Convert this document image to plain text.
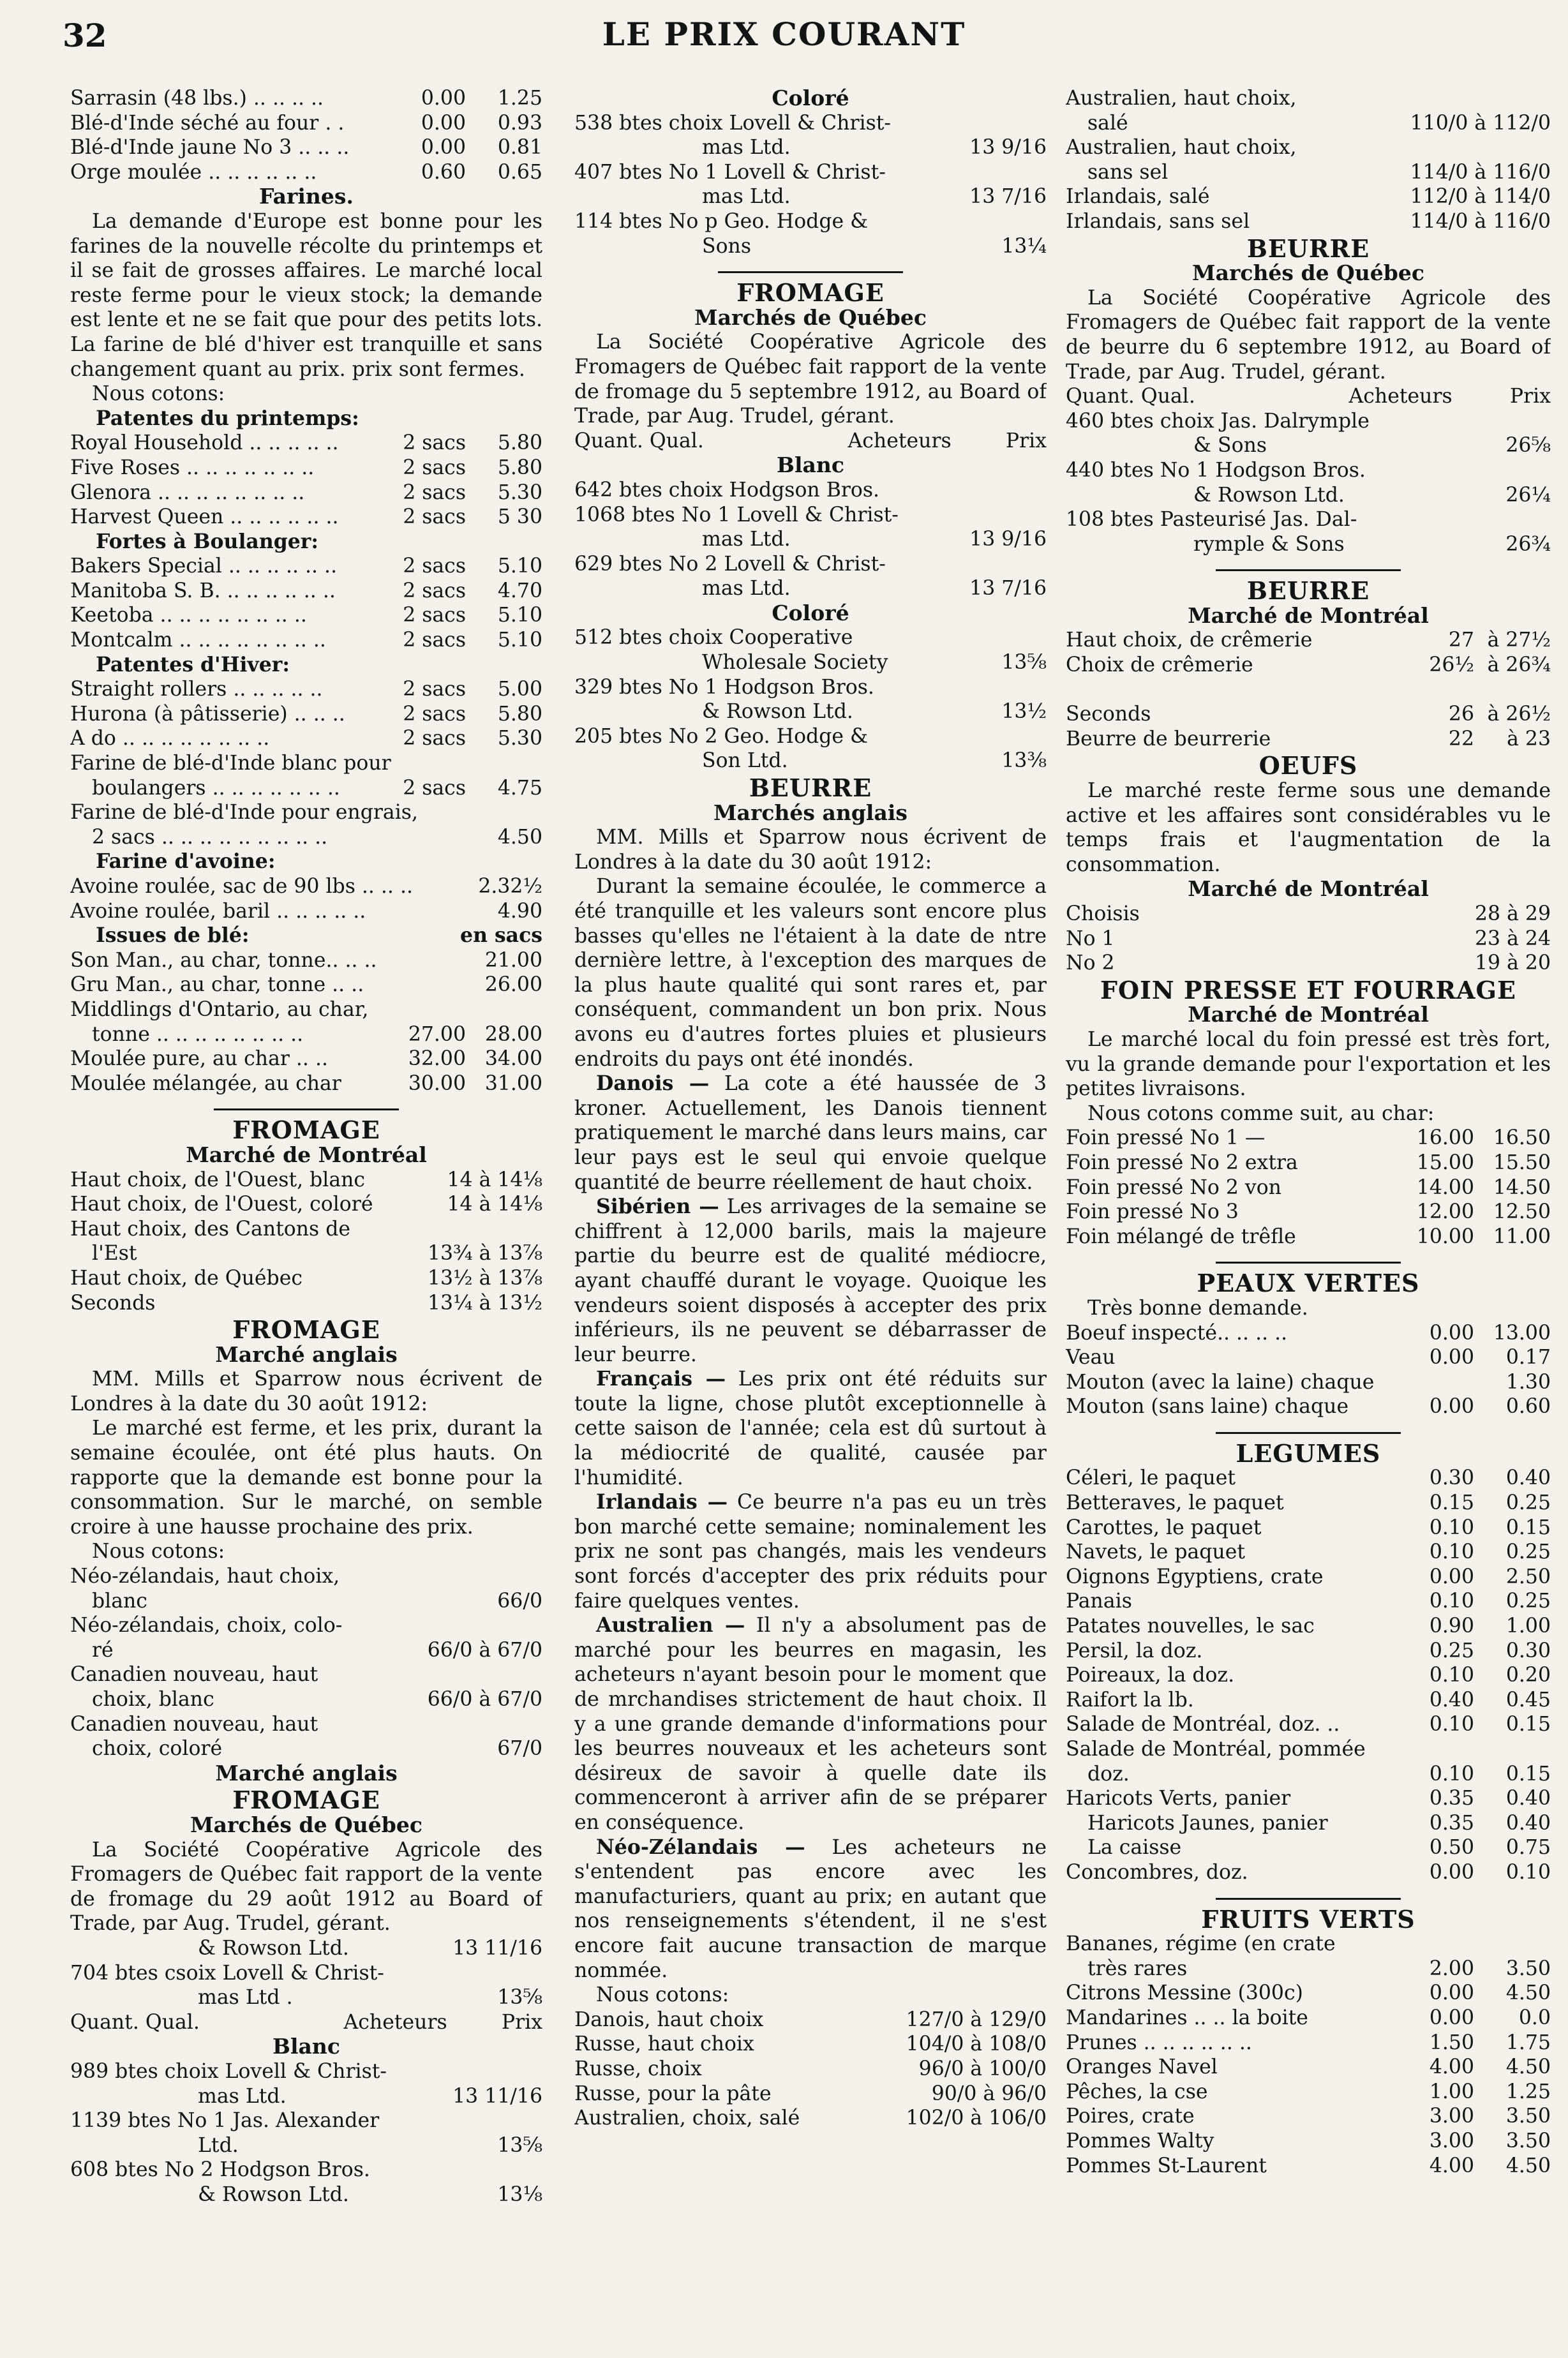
32	LE PRIX COURANT
Sarrasin (48 lbs.) .. .. .. ..	0.00	1.25
Blé-d'Inde séché au four . .	0.00	0.93
Blé-d'Inde jaune No 3 .. .. ..	0.00	0.81
Orge moulée .. .. .. .. .. ..	0.60	0.65
Farines.

La demande d'Europe est bonne pour les farines de la nouvelle récolte du printemps et il se fait de grosses affaires. Le marché local reste ferme pour le vieux stock; la demande est lente et ne se fait que pour des petits lots. La farine de blé d'hiver est tranquille et sans changement quant au prix. prix sont fermes.

Nous cotons:
Patentes du printemps:
Royal Household .. .. .. .. ..	2 sacs	5.80
Five Roses .. .. .. .. .. .. ..	2 sacs	5.80
Glenora .. .. .. .. .. .. .. ..	2 sacs	5.30
Harvest Queen .. .. .. .. .. ..	2 sacs	5 30
Fortes à Boulanger:
Bakers Special .. .. .. .. .. ..	2 sacs	5.10
Manitoba S. B. .. .. .. .. .. ..	2 sacs	4.70
Keetoba .. .. .. .. .. .. .. ..	2 sacs	5.10
Montcalm .. .. .. .. .. .. .. ..	2 sacs	5.10
Patentes d'Hiver:
Straight rollers .. .. .. .. ..	2 sacs	5.00
Hurona (à pâtisserie) .. .. ..	2 sacs	5.80
A do .. .. .. .. .. .. .. ..	2 sacs	5.30
Farine de blé-d'Inde blanc pour
boulangers .. .. .. .. .. .. ..	2 sacs	4.75
Farine de blé-d'Inde pour engrais,
2 sacs .. .. .. .. .. .. .. .. ..	4.50
Farine d'avoine:
Avoine roulée, sac de 90 lbs .. .. ..	2.32½
Avoine roulée, baril .. .. .. .. ..	4.90
Issues de blé:	en sacs
Son Man., au char, tonne.. .. ..	21.00
Gru Man., au char, tonne .. ..	26.00
Middlings d'Ontario, au char,
tonne .. .. .. .. .. .. .. ..	27.00 28.00
Moulée pure, au char .. ..	32.00 34.00
Moulée mélangée, au char	30.00 31.00
FROMAGE
Marché de Montréal
Haut choix, de l'Ouest, blanc	14 à 14⅛
Haut choix, de l'Ouest, coloré	14 à 14⅛
Haut choix, des Cantons de
l'Est	13¾ à 13⅞
Haut choix, de Québec	13½ à 13⅞
Seconds	13¼ à 13½
FROMAGE
Marché anglais

MM. Mills et Sparrow nous écrivent de Londres à la date du 30 août 1912:

Le marché est ferme, et les prix, durant la semaine écoulée, ont été plus hauts. On rapporte que la demande est bonne pour la consommation. Sur le marché, on semble croire à une hausse prochaine des prix.

Nous cotons:
Néo-zélandais, haut choix,
blanc	66/0
Néo-zélandais, choix, colo-
ré	66/0 à 67/0
Canadien nouveau, haut
choix, blanc	66/0 à 67/0
Canadien nouveau, haut
choix, coloré	67/0
Marché anglais
FROMAGE
Marchés de Québec

La Société Coopérative Agricole des Fromagers de Québec fait rapport de la vente de fromage du 29 août 1912 au Board of Trade, par Aug. Trudel, gérant.

& Rowson Ltd.	13 11/16
704 btes csoix Lovell & Christ-
mas Ltd .	13⅝
Quant. Qual.	Acheteurs	Prix
Blanc
989 btes choix Lovell & Christ-
mas Ltd.	13 11/16
1139 btes No 1 Jas. Alexander
Ltd.	13⅝
608 btes No 2 Hodgson Bros.
& Rowson Ltd.	13⅛
Coloré
538 btes choix Lovell & Christ-
mas Ltd.	13 9/16
407 btes No 1 Lovell & Christ-
mas Ltd.	13 7/16
114 btes No p Geo. Hodge &
Sons	13¼
FROMAGE
Marchés de Québec

La Société Coopérative Agricole des Fromagers de Québec fait rapport de la vente de fromage du 5 septembre 1912, au Board of Trade, par Aug. Trudel, gérant.

Quant. Qual.	Acheteurs	Prix
Blanc
642 btes choix Hodgson Bros.
1068 btes No 1 Lovell & Christ-
mas Ltd.	13 9/16
629 btes No 2 Lovell & Christ-
mas Ltd.	13 7/16
Coloré
512 btes choix Cooperative
Wholesale Society	13⅝
329 btes No 1 Hodgson Bros.
& Rowson Ltd.	13½
205 btes No 2 Geo. Hodge &
Son Ltd.	13⅜
BEURRE
Marchés anglais

MM. Mills et Sparrow nous écrivent de Londres à la date du 30 août 1912:

Durant la semaine écoulée, le commerce a été tranquille et les valeurs sont encore plus basses qu'elles ne l'étaient à la date de ntre dernière lettre, à l'exception des marques de la plus haute qualité qui sont rares et, par conséquent, commandent un bon prix. Nous avons eu d'autres fortes pluies et plusieurs endroits du pays ont été inondés.

Danois — La cote a été haussée de 3 kroner. Actuellement, les Danois tiennent pratiquement le marché dans leurs mains, car leur pays est le seul qui envoie quelque quantité de beurre réellement de haut choix.

Sibérien — Les arrivages de la semaine se chiffrent à 12,000 barils, mais la majeure partie du beurre est de qualité médiocre, ayant chauffé durant le voyage. Quoique les vendeurs soient disposés à accepter des prix inférieurs, ils ne peuvent se débarrasser de leur beurre.

Français — Les prix ont été réduits sur toute la ligne, chose plutôt exceptionnelle à cette saison de l'année; cela est dû surtout à la médiocrité de qualité, causée par l'humidité.

Irlandais — Ce beurre n'a pas eu un très bon marché cette semaine; nominalement les prix ne sont pas changés, mais les vendeurs sont forcés d'accepter des prix réduits pour faire quelques ventes.

Australien — Il n'y a absolument pas de marché pour les beurres en magasin, les acheteurs n'ayant besoin pour le moment que de mrchandises strictement de haut choix. Il y a une grande demande d'informations pour les beurres nouveaux et les acheteurs sont désireux de savoir à quelle date ils commenceront à arriver afin de se préparer en conséquence.

Néo-Zélandais — Les acheteurs ne s'entendent pas encore avec les manufacturiers, quant au prix; en autant que nos renseignements s'étendent, il ne s'est encore fait aucune transaction de marque nommée.

Nous cotons:
Danois, haut choix	127/0 à 129/0
Russe, haut choix	104/0 à 108/0
Russe, choix	96/0 à 100/0
Russe, pour la pâte	90/0 à 96/0
Australien, choix, salé	102/0 à 106/0
Australien, haut choix,
salé	110/0 à 112/0
Australien, haut choix,
sans sel	114/0 à 116/0
Irlandais, salé	112/0 à 114/0
Irlandais, sans sel	114/0 à 116/0
BEURRE
Marchés de Québec

La Société Coopérative Agricole des Fromagers de Québec fait rapport de la vente de beurre du 6 septembre 1912, au Board of Trade, par Aug. Trudel, gérant.

Quant. Qual.	Acheteurs	Prix
460 btes choix Jas. Dalrymple
& Sons	26⅝
440 btes No 1 Hodgson Bros.
& Rowson Ltd.	26¼
108 btes Pasteurisé Jas. Dal-
rymple & Sons	26¾
BEURRE
Marché de Montréal
Haut choix, de crêmerie	27 à 27½
Choix de crêmerie	26½ à 26¾

Seconds	26 à 26½
Beurre de beurrerie	22	à 23
OEUFS

Le marché reste ferme sous une demande active et les affaires sont considérables vu le temps frais et l'augmentation de la consommation.

Marché de Montréal
Choisis	28 à 29
No 1	23 à 24
No 2	19 à 20
FOIN PRESSE ET FOURRAGE
Marché de Montréal

Le marché local du foin pressé est très fort, vu la grande demande pour l'exportation et les petites livraisons.

Nous cotons comme suit, au char:
Foin pressé No 1 —	16.00 16.50
Foin pressé No 2 extra	15.00 15.50
Foin pressé No 2 von	14.00 14.50
Foin pressé No 3	12.00 12.50
Foin mélangé de trêfle	10.00 11.00
PEAUX VERTES
Très bonne demande.
Boeuf inspecté.. .. .. ..	0.00 13.00
Veau	0.00	0.17
Mouton (avec la laine) chaque	1.30
Mouton (sans laine) chaque	0.00	0.60
LEGUMES
Céleri, le paquet	0.30	0.40
Betteraves, le paquet	0.15	0.25
Carottes, le paquet	0.10	0.15
Navets, le paquet	0.10	0.25
Oignons Egyptiens, crate	0.00	2.50
Panais	0.10	0.25
Patates nouvelles, le sac	0.90	1.00
Persil, la doz.	0.25	0.30
Poireaux, la doz.	0.10	0.20
Raifort la lb.	0.40	0.45
Salade de Montréal, doz. ..	0.10	0.15
Salade de Montréal, pommée
doz.	0.10	0.15
Haricots Verts, panier	0.35	0.40
Haricots Jaunes, panier	0.35	0.40
La caisse	0.50	0.75
Concombres, doz.	0.00	0.10
FRUITS VERTS
Bananes, régime (en crate
très rares	2.00	3.50
Citrons Messine (300c)	0.00	4.50
Mandarines .. .. la boite	0.00	0.0
Prunes .. .. .. .. .. ..	1.50	1.75
Oranges Navel	4.00	4.50
Pêches, la cse	1.00	1.25
Poires, crate	3.00	3.50
Pommes Walty	3.00	3.50
Pommes St-Laurent	4.00	4.50
